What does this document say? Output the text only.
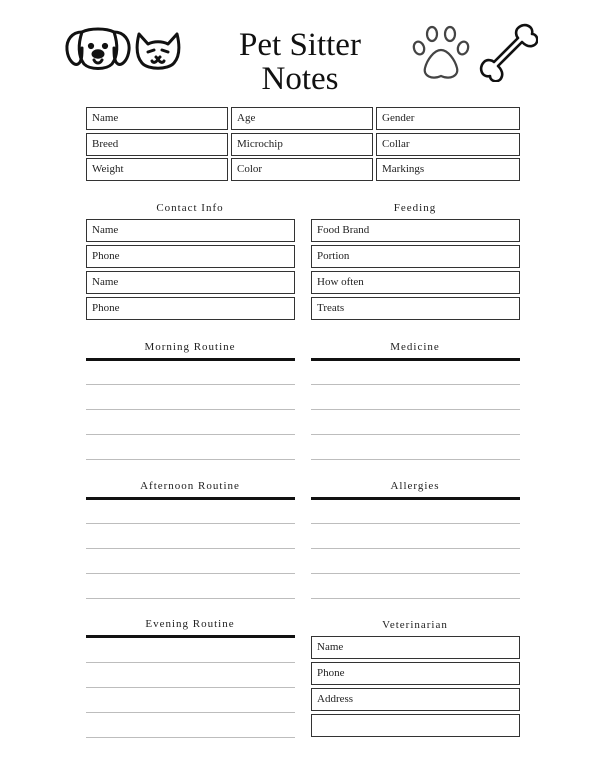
Pet Sitter
Notes
Name	Age	Gender
Breed	Microchip	Collar
Weight	Color	Markings
Contact Info
Name
Phone
Name
Phone
Feeding
Food Brand
Portion
How often
Treats
Morning Routine	Medicine
Afternoon Routine	Allergies
Evening Routine	Veterinarian
Name
Phone
Address
